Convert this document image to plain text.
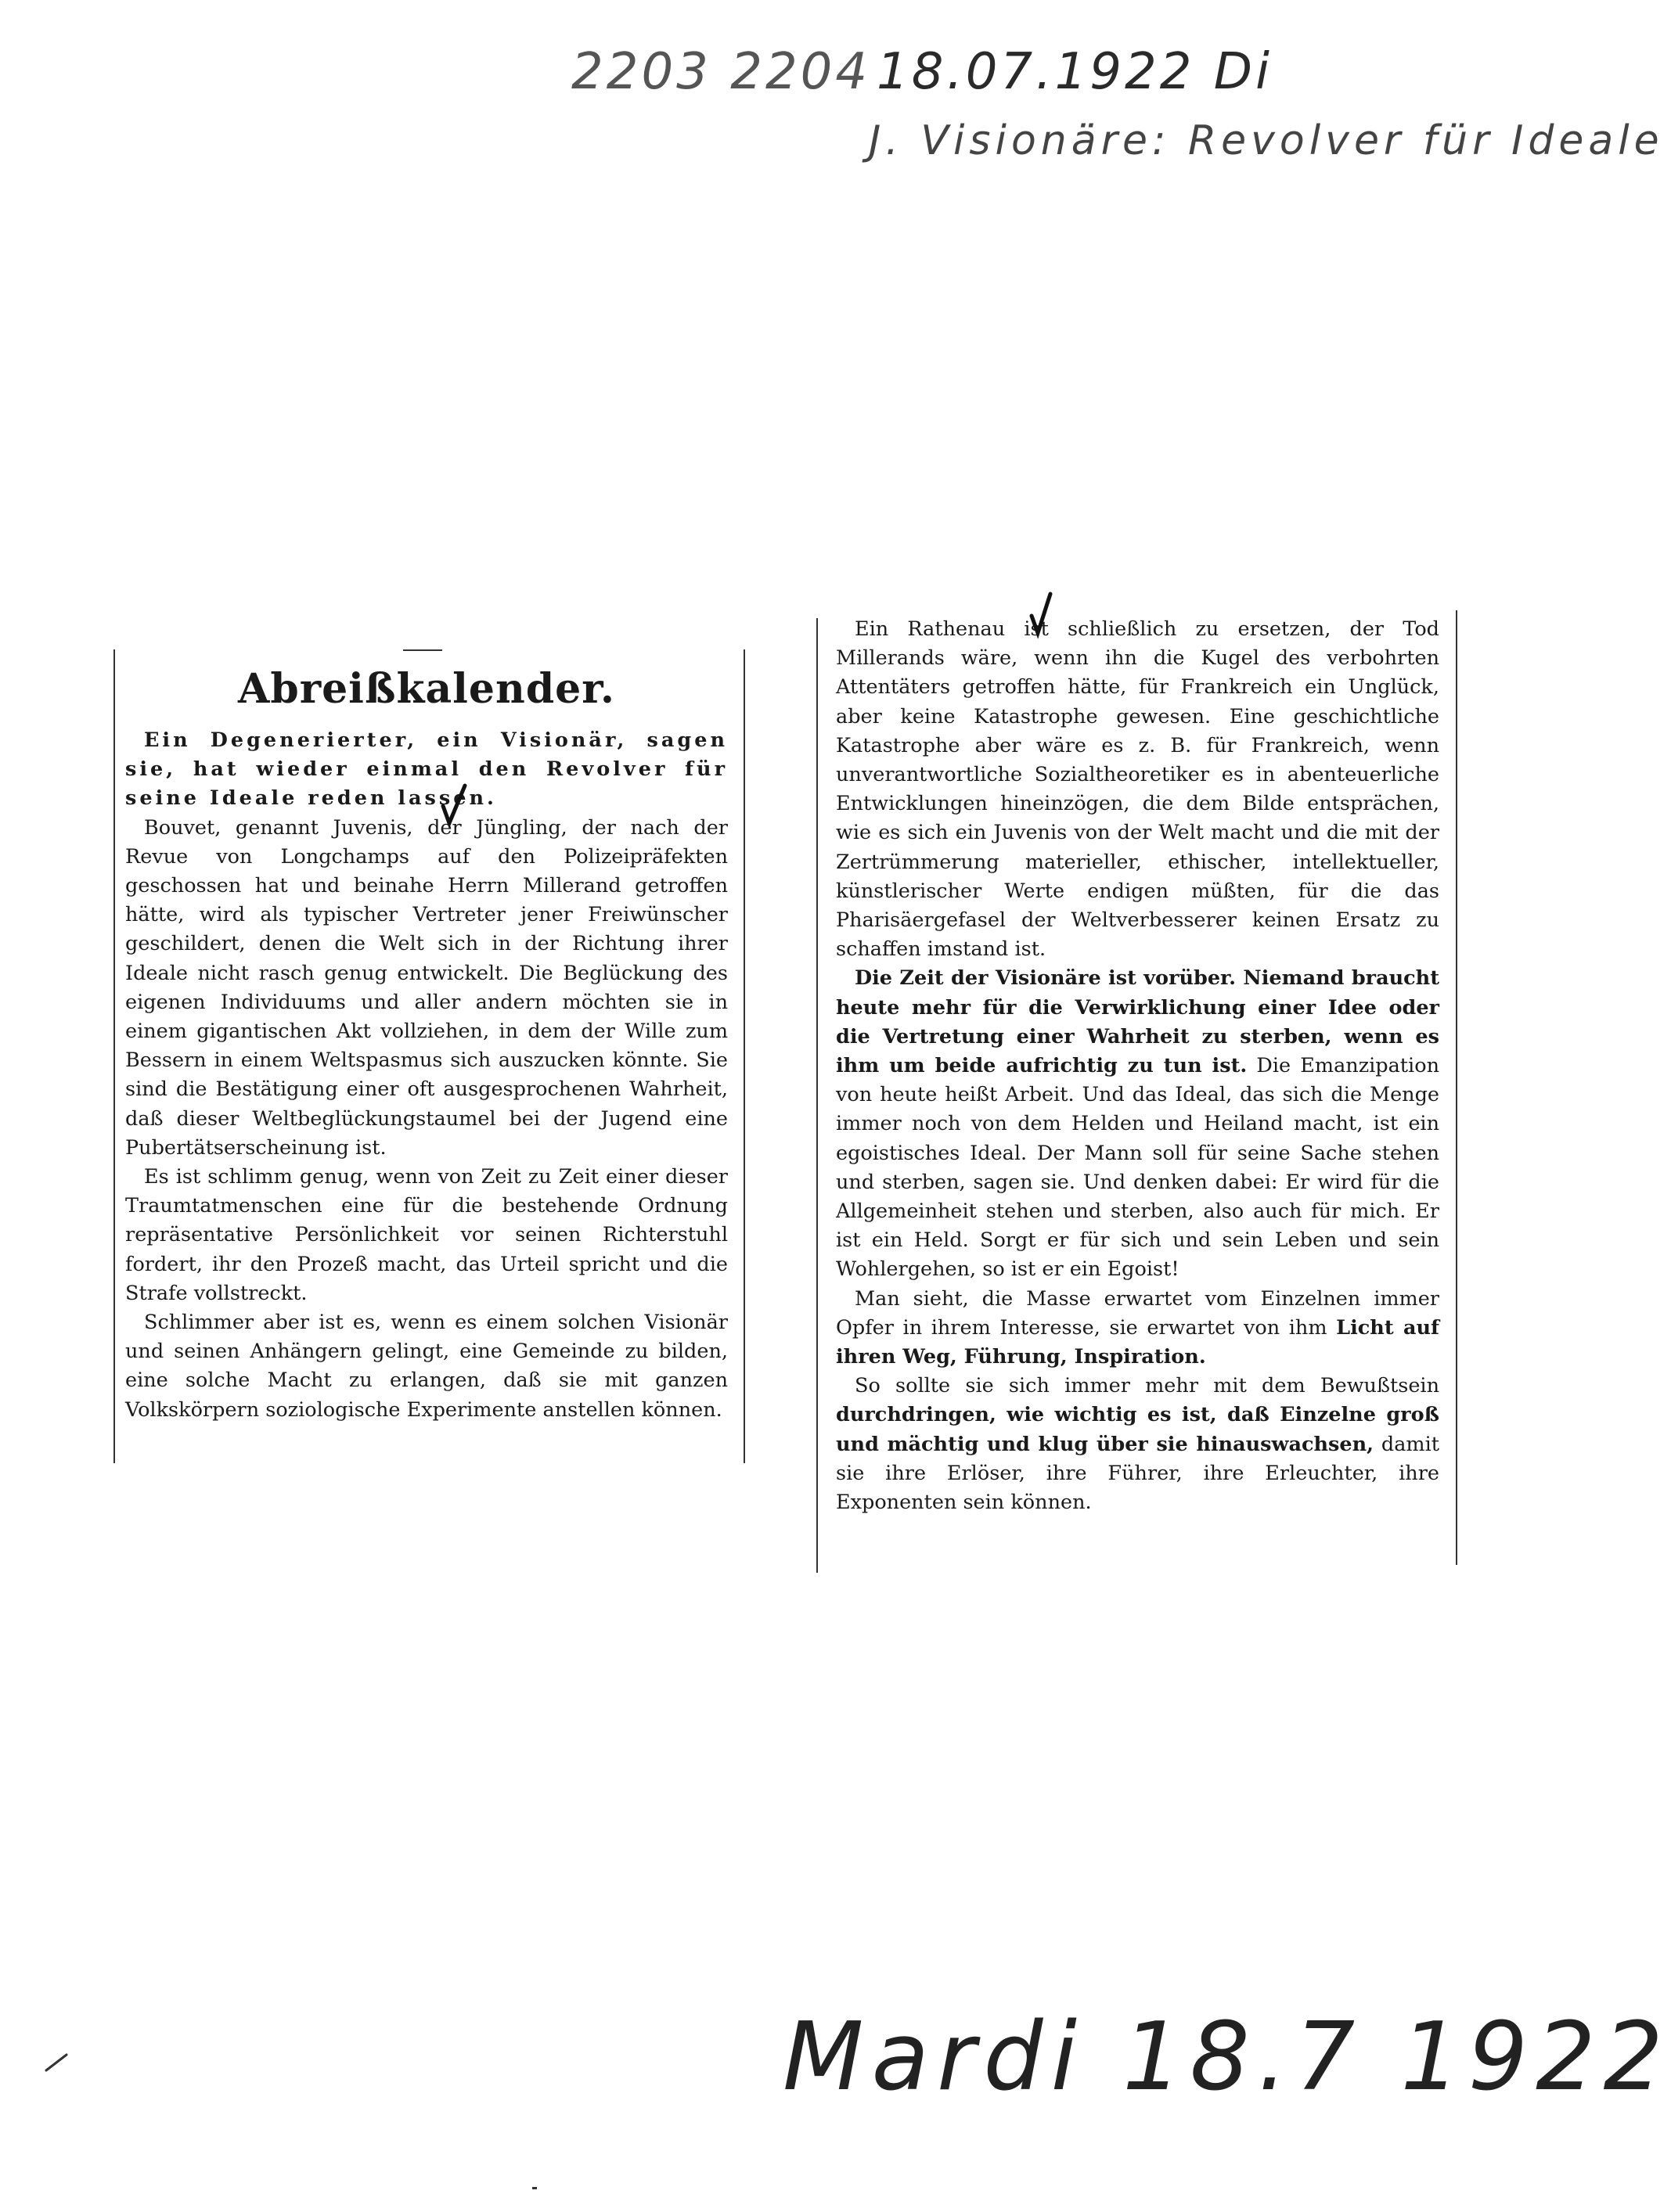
2203 2204 18.07.1922 Di
J. Visionäre: Revolver für Ideale
Abreißkalender.

Ein Degenerierter, ein Visionär, sagen sie, hat wieder einmal den Revolver für seine Ideale reden lassen.

Bouvet, genannt Juvenis, der Jüngling, der nach der Revue von Longchamps auf den Polizeipräfekten geschossen hat und beinahe Herrn Millerand getroffen hätte, wird als typischer Vertreter jener Freiwünscher geschildert, denen die Welt sich in der Richtung ihrer Ideale nicht rasch genug entwickelt. Die Beglückung des eigenen Individuums und aller andern möchten sie in einem gigantischen Akt vollziehen, in dem der Wille zum Bessern in einem Weltspasmus sich auszucken könnte. Sie sind die Bestätigung einer oft ausgesprochenen Wahrheit, daß dieser Weltbeglückungstaumel bei der Jugend eine Pubertätserscheinung ist.

Es ist schlimm genug, wenn von Zeit zu Zeit einer dieser Traumtatmenschen eine für die bestehende Ordnung repräsentative Persönlichkeit vor seinen Richterstuhl fordert, ihr den Prozeß macht, das Urteil spricht und die Strafe vollstreckt.

Schlimmer aber ist es, wenn es einem solchen Visionär und seinen Anhängern gelingt, eine Gemeinde zu bilden, eine solche Macht zu erlangen, daß sie mit ganzen Volkskörpern soziologische Experimente anstellen können.

Ein Rathenau ist schließlich zu ersetzen, der Tod Millerands wäre, wenn ihn die Kugel des verbohrten Attentäters getroffen hätte, für Frankreich ein Unglück, aber keine Katastrophe gewesen. Eine geschichtliche Katastrophe aber wäre es z. B. für Frankreich, wenn unverantwortliche Sozialtheoretiker es in abenteuerliche Entwicklungen hineinzögen, die dem Bilde entsprächen, wie es sich ein Juvenis von der Welt macht und die mit der Zertrümmerung materieller, ethischer, intellektueller, künstlerischer Werte endigen müßten, für die das Pharisäergefasel der Weltverbesserer keinen Ersatz zu schaffen imstand ist.

Die Zeit der Visionäre ist vorüber. Niemand braucht heute mehr für die Verwirklichung einer Idee oder die Vertretung einer Wahrheit zu sterben, wenn es ihm um beide aufrichtig zu tun ist. Die Emanzipation von heute heißt Arbeit. Und das Ideal, das sich die Menge immer noch von dem Helden und Heiland macht, ist ein egoistisches Ideal. Der Mann soll für seine Sache stehen und sterben, sagen sie. Und denken dabei: Er wird für die Allgemeinheit stehen und sterben, also auch für mich. Er ist ein Held. Sorgt er für sich und sein Leben und sein Wohlergehen, so ist er ein Egoist!

Man sieht, die Masse erwartet vom Einzelnen immer Opfer in ihrem Interesse, sie erwartet von ihm Licht auf ihren Weg, Führung, Inspiration.

So sollte sie sich immer mehr mit dem Bewußtsein durchdringen, wie wichtig es ist, daß Einzelne groß und mächtig und klug über sie hinauswachsen, damit sie ihre Erlöser, ihre Führer, ihre Erleuchter, ihre Exponenten sein können.

Mardi 18.7 1922
